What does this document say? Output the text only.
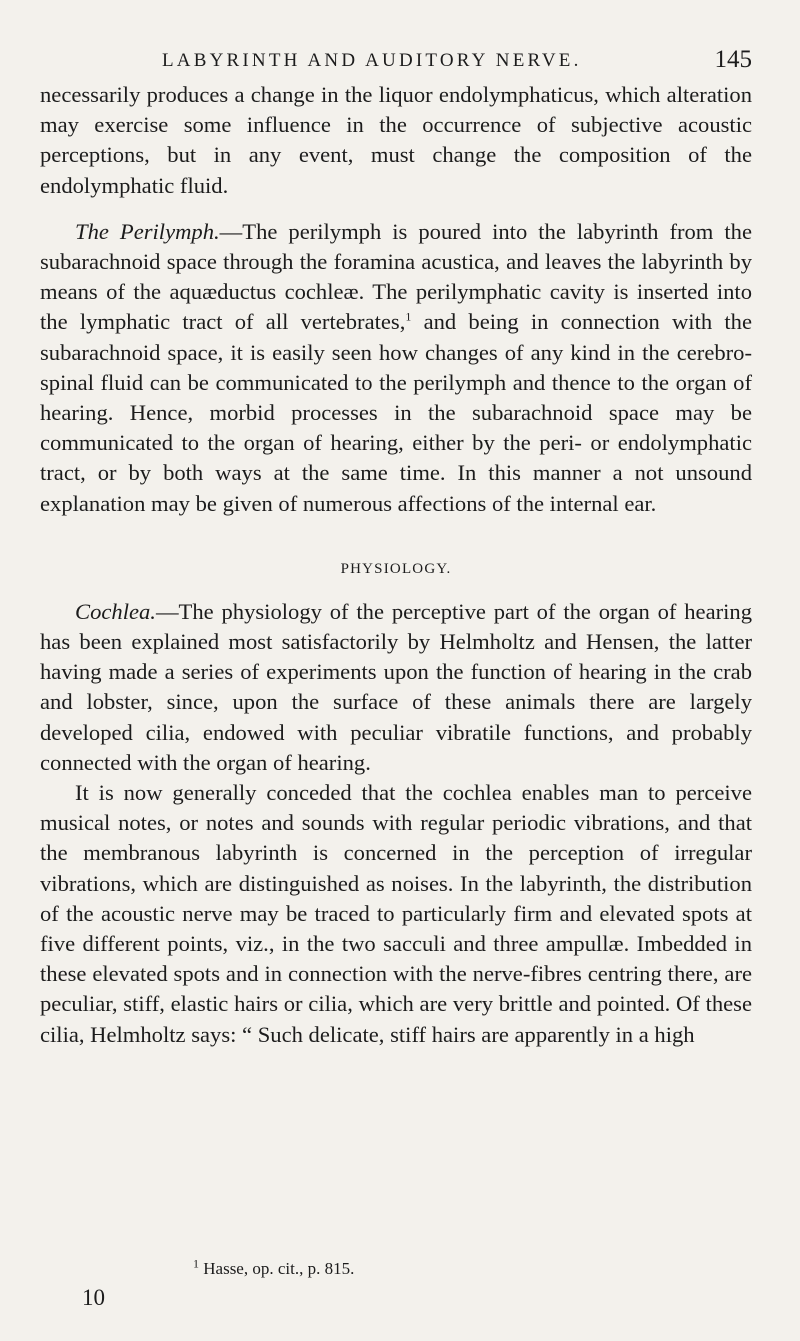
LABYRINTH AND AUDITORY NERVE.	145

necessarily produces a change in the liquor endolymphaticus, which alteration may exercise some influence in the occurrence of subjective acoustic perceptions, but in any event, must change the composition of the endolymphatic fluid.

The Perilymph.—The perilymph is poured into the labyrinth from the subarachnoid space through the foramina acustica, and leaves the labyrinth by means of the aquæductus cochleæ. The perilymphatic cavity is inserted into the lymphatic tract of all vertebrates,$^1$ and being in connection with the subarachnoid space, it is easily seen how changes of any kind in the cerebro-spinal fluid can be communicated to the perilymph and thence to the organ of hearing. Hence, morbid processes in the subarachnoid space may be communicated to the organ of hearing, either by the peri- or endolymphatic tract, or by both ways at the same time. In this manner a not unsound explanation may be given of numerous affections of the internal ear.

PHYSIOLOGY.

Cochlea.—The physiology of the perceptive part of the organ of hearing has been explained most satisfactorily by Helmholtz and Hensen, the latter having made a series of experiments upon the function of hearing in the crab and lobster, since, upon the surface of these animals there are largely developed cilia, endowed with peculiar vibratile functions, and probably connected with the organ of hearing.

It is now generally conceded that the cochlea enables man to perceive musical notes, or notes and sounds with regular periodic vibrations, and that the membranous labyrinth is concerned in the perception of irregular vibrations, which are distinguished as noises. In the labyrinth, the distribution of the acoustic nerve may be traced to particularly firm and elevated spots at five different points, viz., in the two sacculi and three ampullæ. Imbedded in these elevated spots and in connection with the nerve-fibres centring there, are peculiar, stiff, elastic hairs or cilia, which are very brittle and pointed. Of these cilia, Helmholtz says: “ Such delicate, stiff hairs are apparently in a high

$^1$ Hasse, op. cit., p. 815.
10
